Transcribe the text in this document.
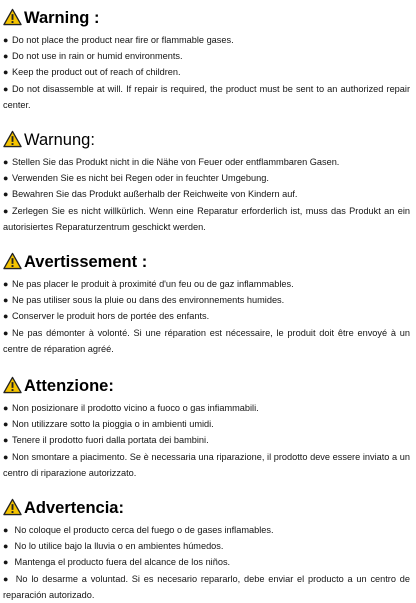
Warning :
● Do not place the product near fire or flammable gases.
● Do not use in rain or humid environments.
● Keep the product out of reach of children.
● Do not disassemble at will. If repair is required, the product must be sent to an authorized repair center.
Warnung:
● Stellen Sie das Produkt nicht in die Nähe von Feuer oder entflammbaren Gasen.
● Verwenden Sie es nicht bei Regen oder in feuchter Umgebung.
● Bewahren Sie das Produkt außerhalb der Reichweite von Kindern auf.
● Zerlegen Sie es nicht willkürlich. Wenn eine Reparatur erforderlich ist, muss das Produkt an ein autorisiertes Reparaturzentrum geschickt werden.
Avertissement :
● Ne pas placer le produit à proximité d'un feu ou de gaz inflammables.
● Ne pas utiliser sous la pluie ou dans des environnements humides.
● Conserver le produit hors de portée des enfants.
● Ne pas démonter à volonté. Si une réparation est nécessaire, le produit doit être envoyé à un centre de réparation agréé.
Attenzione:
● Non posizionare il prodotto vicino a fuoco o gas infiammabili.
● Non utilizzare sotto la pioggia o in ambienti umidi.
● Tenere il prodotto fuori dalla portata dei bambini.
● Non smontare a piacimento. Se è necessaria una riparazione, il prodotto deve essere inviato a un centro di riparazione autorizzato.
Advertencia:
● No coloque el producto cerca del fuego o de gases inflamables.
● No lo utilice bajo la lluvia o en ambientes húmedos.
● Mantenga el producto fuera del alcance de los niños.
● No lo desarme a voluntad. Si es necesario repararlo, debe enviar el producto a un centro de reparación autorizado.
